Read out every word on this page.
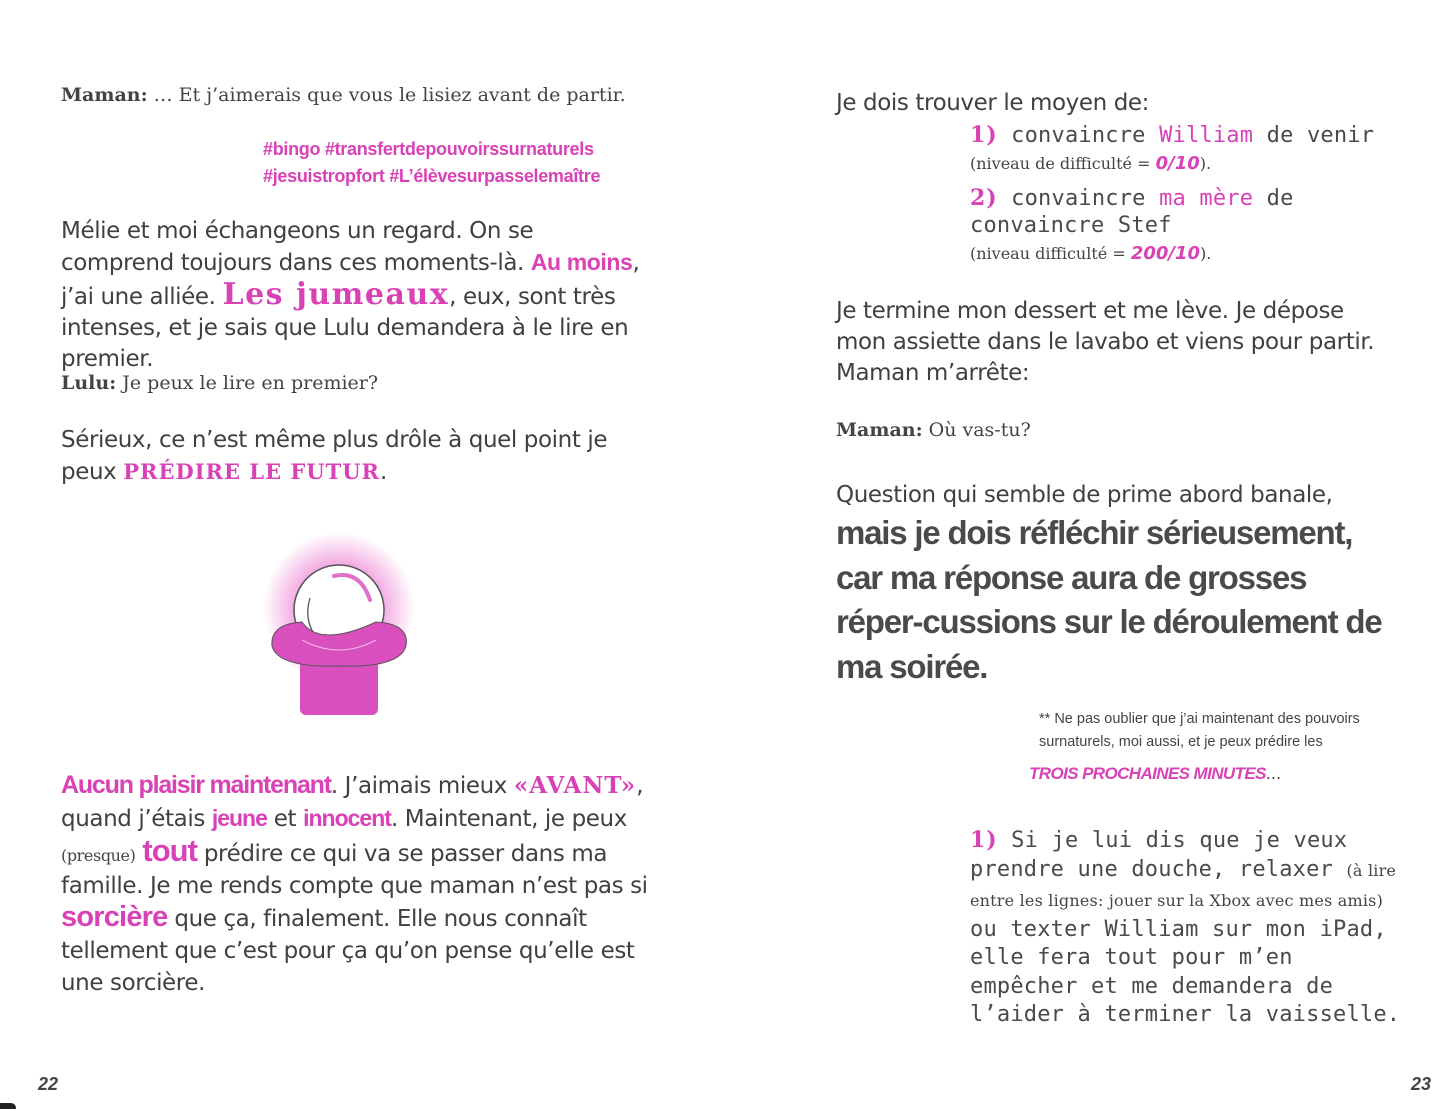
Maman: … Et j’aimerais que vous le lisiez avant de partir.

#bingo #transfertdepouvoirssurnaturels
#jesuistropfort #L’élèvesurpasselemaître

Mélie et moi échangeons un regard. On se comprend toujours dans ces moments-là. Au moins, j’ai une alliée. Les jumeaux, eux, sont très intenses, et je sais que Lulu demandera à le lire en premier.

Lulu: Je peux le lire en premier?

Sérieux, ce n’est même plus drôle à quel point je peux PRÉDIRE LE FUTUR.

Aucun plaisir maintenant. J’aimais mieux «AVANT», quand j’étais jeune et innocent. Maintenant, je peux (presque) tout prédire ce qui va se passer dans ma famille. Je me rends compte que maman n’est pas si sorcière que ça, finalement. Elle nous connaît tellement que c’est pour ça qu’on pense qu’elle est une sorcière.

22

Je dois trouver le moyen de:

1) convaincre William de venir
(niveau de difficulté = 0/10).
2) convaincre ma mère de convaincre Stef
(niveau difficulté = 200/10).

Je termine mon dessert et me lève. Je dépose mon assiette dans le lavabo et viens pour partir. Maman m’arrête:

Maman: Où vas-tu?

Question qui semble de prime abord banale, mais je dois réfléchir sérieusement, car ma réponse aura de grosses réper-cussions sur le déroulement de ma soirée.
** Ne pas oublier que j’ai maintenant des pouvoirs surnaturels, moi aussi, et je peux prédire les
TROIS PROCHAINES MINUTES...
1) Si je lui dis que je veux prendre une douche, relaxer (à lire entre les lignes: jouer sur la Xbox avec mes amis) ou texter William sur mon iPad, elle fera tout pour m’en empêcher et me demandera de l’aider à terminer la vaisselle.
23
